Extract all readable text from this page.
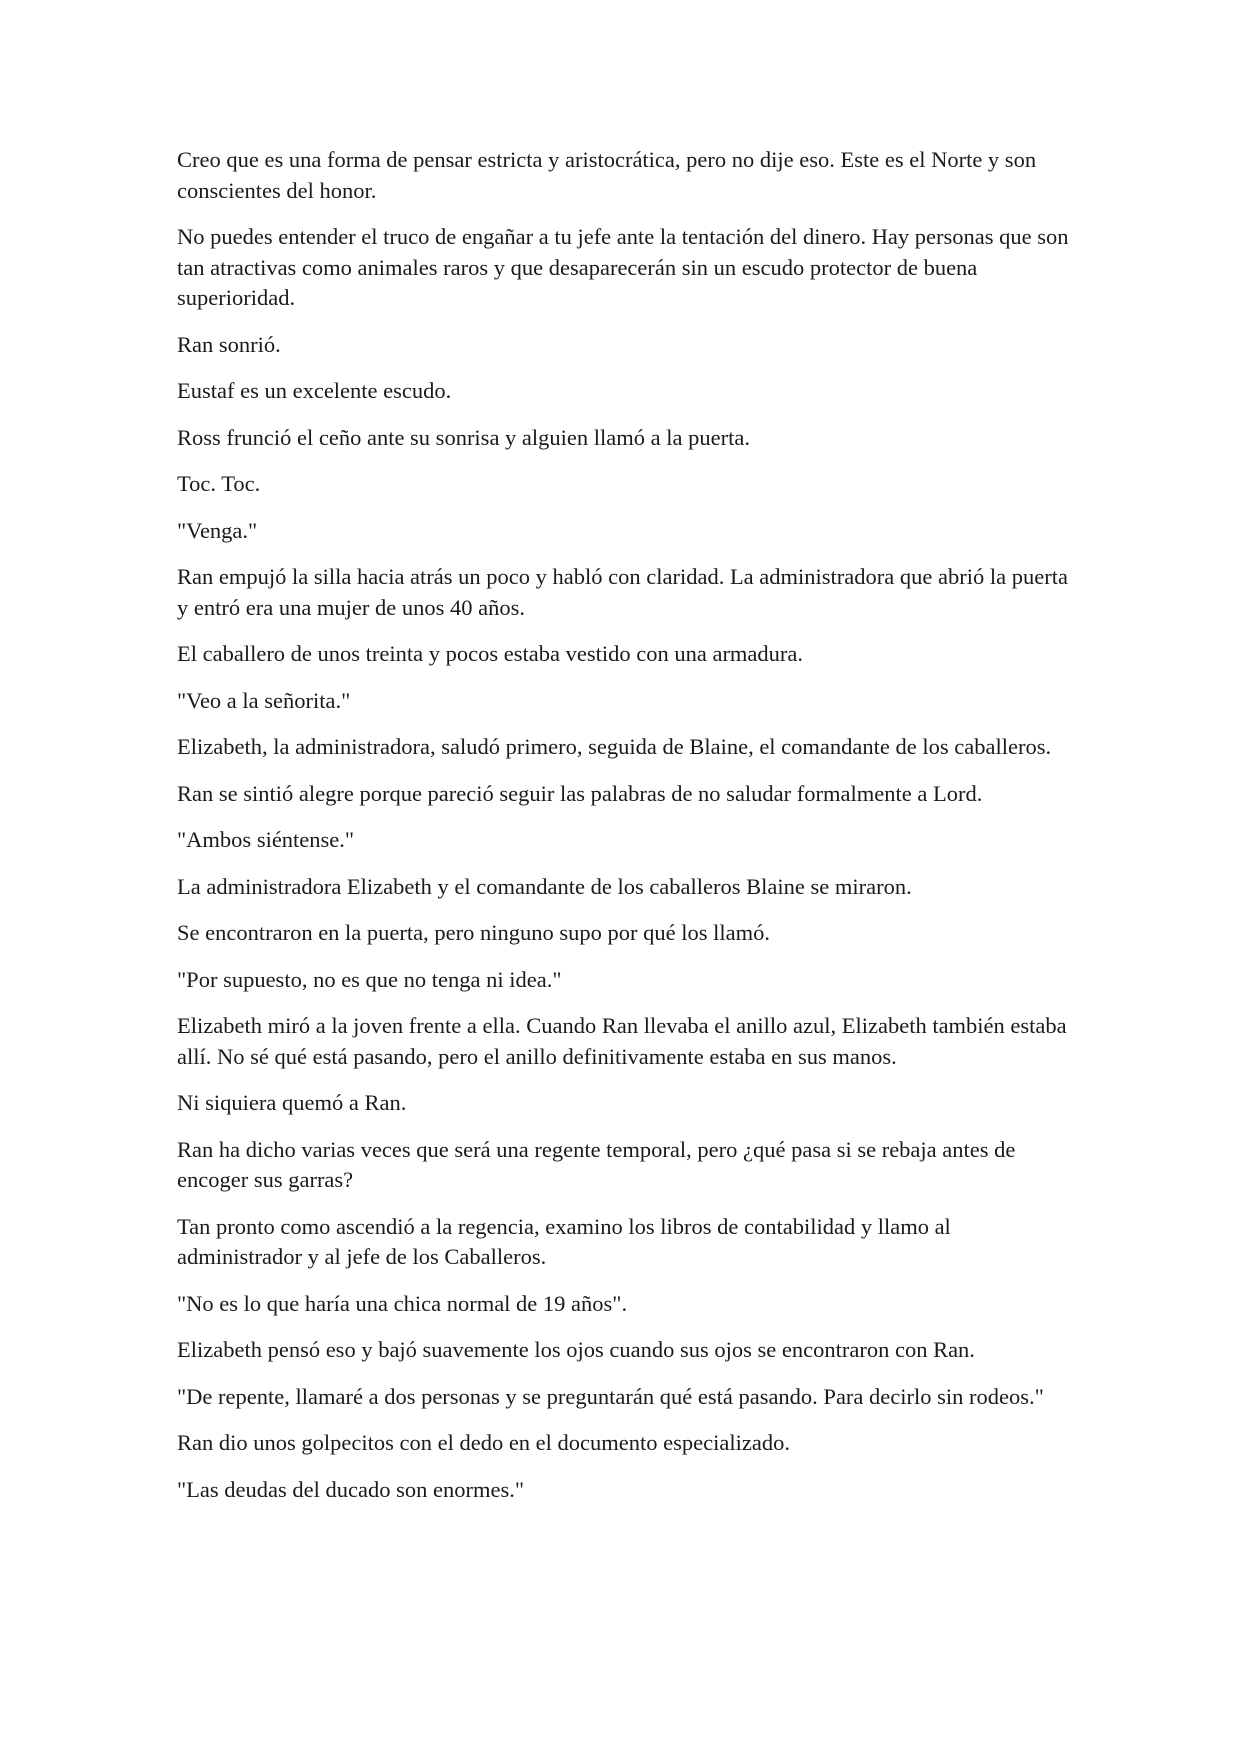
Creo que es una forma de pensar estricta y aristocrática, pero no dije eso. Este es el Norte y son conscientes del honor.

No puedes entender el truco de engañar a tu jefe ante la tentación del dinero. Hay personas que son tan atractivas como animales raros y que desaparecerán sin un escudo protector de buena superioridad.

Ran sonrió.

Eustaf es un excelente escudo.

Ross frunció el ceño ante su sonrisa y alguien llamó a la puerta.

Toc. Toc.

"Venga."

Ran empujó la silla hacia atrás un poco y habló con claridad. La administradora que abrió la puerta y entró era una mujer de unos 40 años.

El caballero de unos treinta y pocos estaba vestido con una armadura.

"Veo a la señorita."

Elizabeth, la administradora, saludó primero, seguida de Blaine, el comandante de los caballeros.

Ran se sintió alegre porque pareció seguir las palabras de no saludar formalmente a Lord.

"Ambos siéntense."

La administradora Elizabeth y el comandante de los caballeros Blaine se miraron.

Se encontraron en la puerta, pero ninguno supo por qué los llamó.

"Por supuesto, no es que no tenga ni idea."

Elizabeth miró a la joven frente a ella. Cuando Ran llevaba el anillo azul, Elizabeth también estaba allí. No sé qué está pasando, pero el anillo definitivamente estaba en sus manos.

Ni siquiera quemó a Ran.

Ran ha dicho varias veces que será una regente temporal, pero ¿qué pasa si se rebaja antes de encoger sus garras?

Tan pronto como ascendió a la regencia, examino los libros de contabilidad y llamo al administrador y al jefe de los Caballeros.

"No es lo que haría una chica normal de 19 años".

Elizabeth pensó eso y bajó suavemente los ojos cuando sus ojos se encontraron con Ran.

"De repente, llamaré a dos personas y se preguntarán qué está pasando. Para decirlo sin rodeos."

Ran dio unos golpecitos con el dedo en el documento especializado.

"Las deudas del ducado son enormes."
